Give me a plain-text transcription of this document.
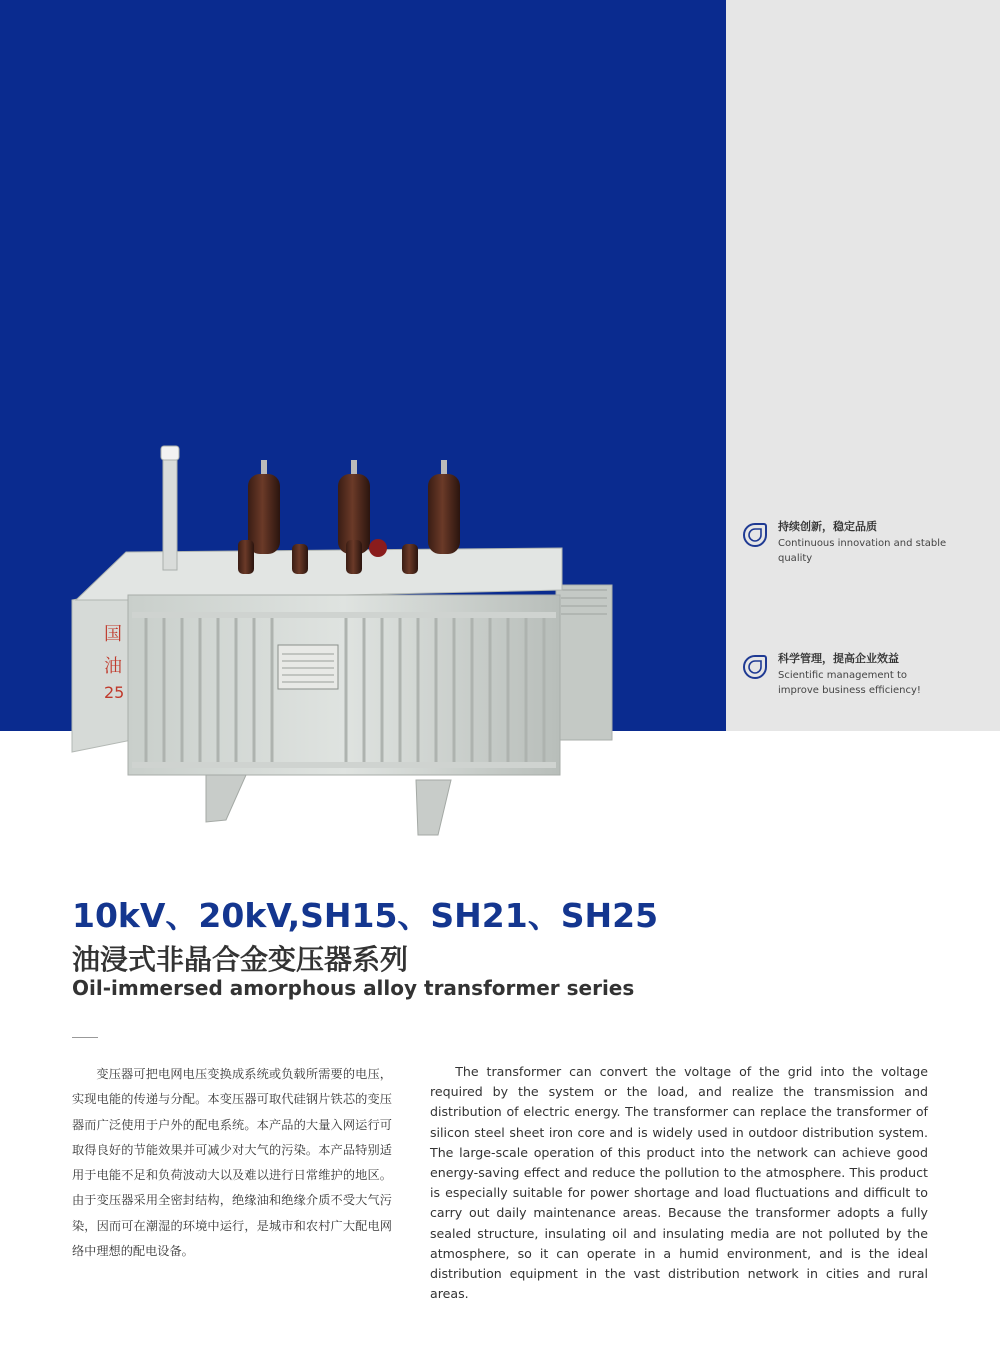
持续创新，稳定品质
Continuous innovation and stable quality
科学管理，提高企业效益
Scientific management to improve business efficiency!
国
油
25
10kV、20kV,SH15、SH21、SH25
油浸式非晶合金变压器系列
Oil-immersed amorphous alloy transformer series
变压器可把电网电压变换成系统或负载所需要的电压，实现电能的传递与分配。本变压器可取代硅钢片铁芯的变压器而广泛使用于户外的配电系统。本产品的大量入网运行可取得良好的节能效果并可减少对大气的污染。本产品特别适用于电能不足和负荷波动大以及难以进行日常维护的地区。由于变压器采用全密封结构，绝缘油和绝缘介质不受大气污染，因而可在潮湿的环境中运行，是城市和农村广大配电网络中理想的配电设备。
The transformer can convert the voltage of the grid into the voltage required by the system or the load, and realize the transmission and distribution of electric energy. The transformer can replace the transformer of silicon steel sheet iron core and is widely used in outdoor distribution system. The large-scale operation of this product into the network can achieve good energy-saving effect and reduce the pollution to the atmosphere. This product is especially suitable for power shortage and load fluctuations and difficult to carry out daily maintenance areas. Because the transformer adopts a fully sealed structure, insulating oil and insulating media are not polluted by the atmosphere, so it can operate in a humid environment, and is the ideal distribution equipment in the vast distribution network in cities and rural areas.
